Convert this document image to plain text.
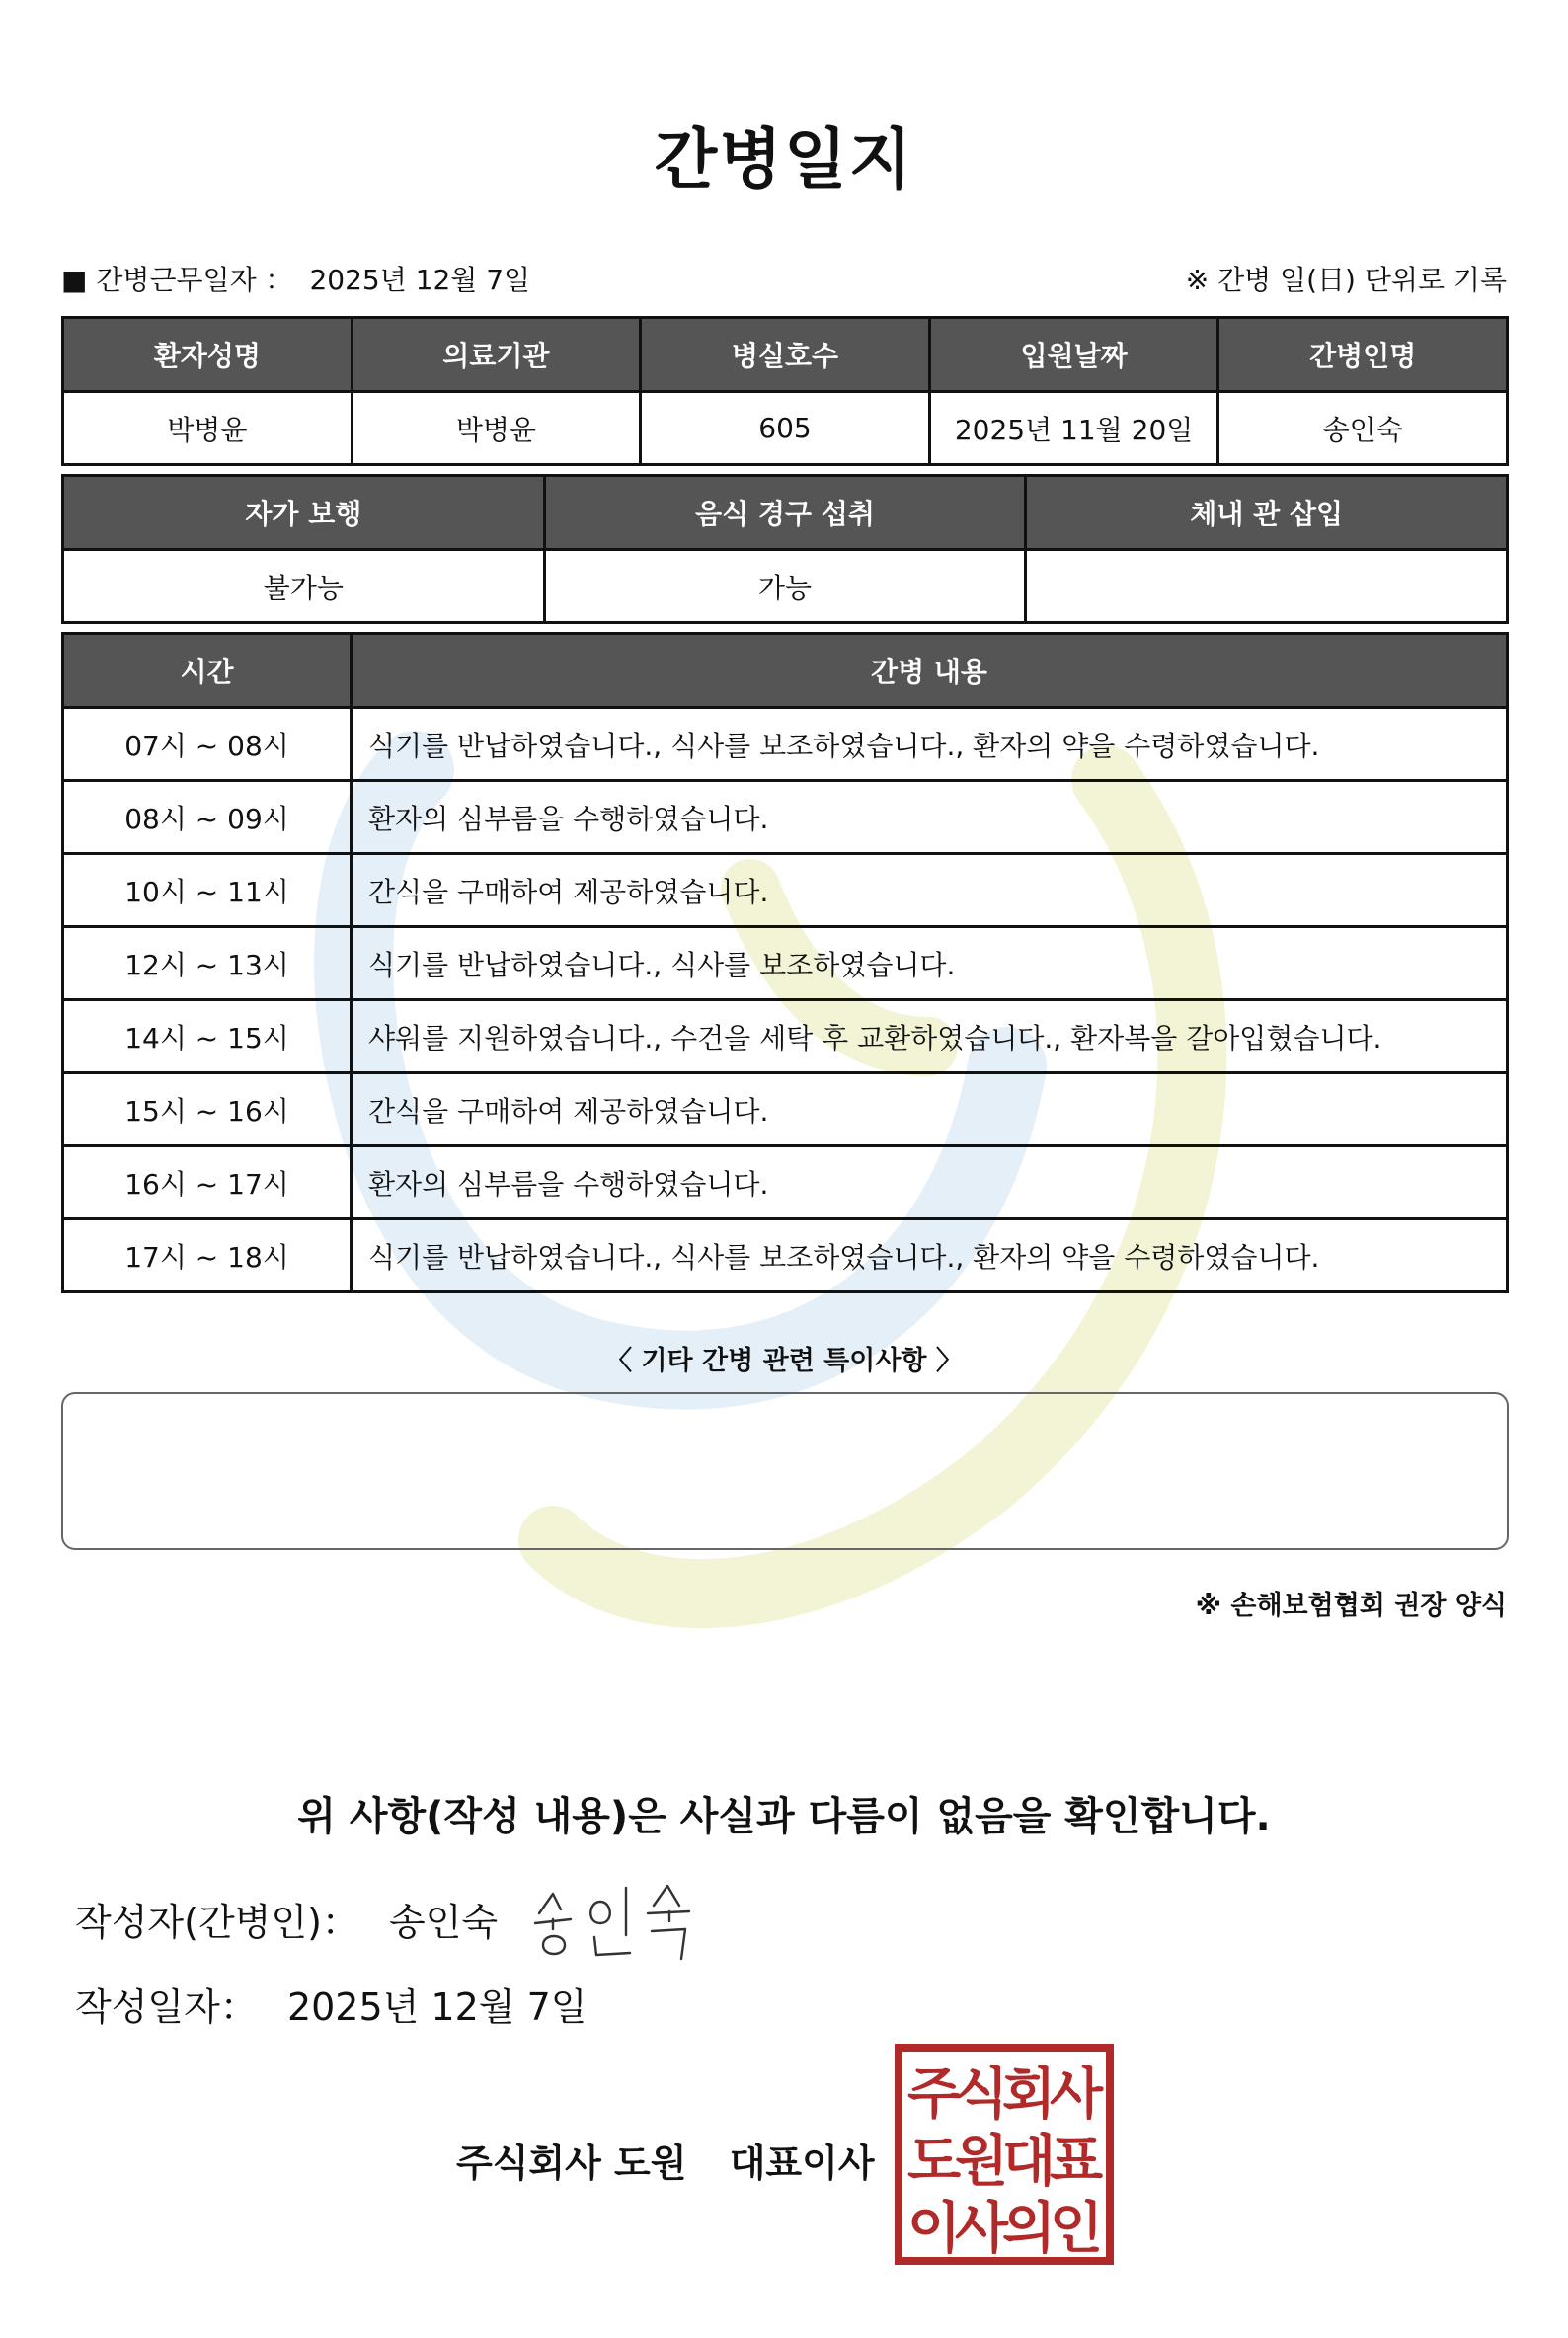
간병일지
■ 간병근무일자 ： 2025년 12월 7일	※ 간병 일(日) 단위로 기록
환자성명	의료기관	병실호수	입원날짜	간병인명
박병윤	박병윤	605	2025년 11월 20일	송인숙
자가 보행	음식 경구 섭취	체내 관 삽입
불가능	가능	
시간	간병 내용
07시 ~ 08시	식기를 반납하였습니다., 식사를 보조하였습니다., 환자의 약을 수령하였습니다.
08시 ~ 09시	환자의 심부름을 수행하였습니다.
10시 ~ 11시	간식을 구매하여 제공하였습니다.
12시 ~ 13시	식기를 반납하였습니다., 식사를 보조하였습니다.
14시 ~ 15시	샤워를 지원하였습니다., 수건을 세탁 후 교환하였습니다., 환자복을 갈아입혔습니다.
15시 ~ 16시	간식을 구매하여 제공하였습니다.
16시 ~ 17시	환자의 심부름을 수행하였습니다.
17시 ~ 18시	식기를 반납하였습니다., 식사를 보조하였습니다., 환자의 약을 수령하였습니다.
〈 기타 간병 관련 특이사항 〉
※ 손해보험협회 권장 양식
위 사항(작성 내용)은 사실과 다름이 없음을 확인합니다.
작성자(간병인)： 송인숙
작성일자： 2025년 12월 7일
주식회사 도원 대표이사
주
식
회
사
도
원
대
표
이
사
의
인
